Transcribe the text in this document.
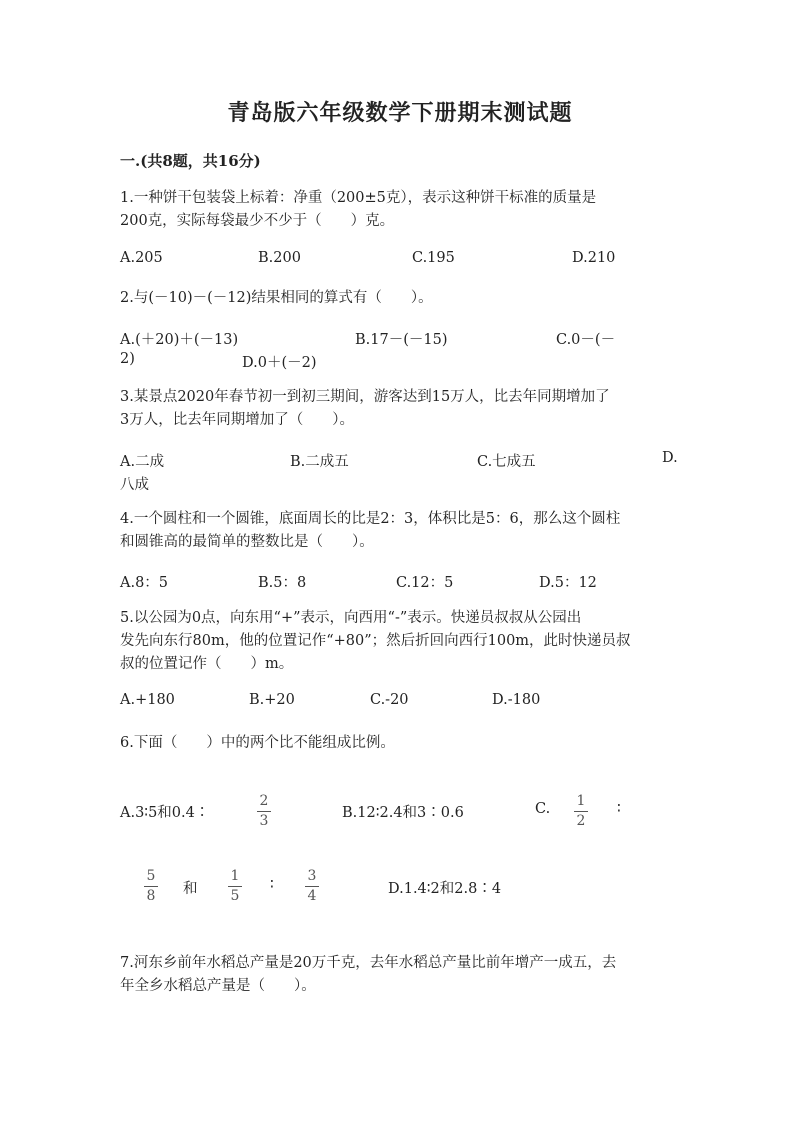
青岛版六年级数学下册期末测试题
一.(共8题，共16分)
1.一种饼干包装袋上标着：净重（200±5克），表示这种饼干标准的质量是
200克，实际每袋最少不少于（　　）克。
A.205	B.200	C.195	D.210
2.与(－10)－(－12)结果相同的算式有（　　）。
A.(＋20)＋(－13)	B.17－(－15)	C.0－(－
2)	D.0＋(－2)
3.某景点2020年春节初一到初三期间，游客达到15万人，比去年同期增加了
3万人，比去年同期增加了（　　）。
A.二成	B.二成五	C.七成五	D.
八成
4.一个圆柱和一个圆锥，底面周长的比是2：3，体积比是5：6，那么这个圆柱
和圆锥高的最简单的整数比是（　　）。
A.8：5	B.5：8	C.12：5	D.5：12
5.以公园为0点，向东用“+”表示，向西用“-”表示。快递员叔叔从公园出
发先向东行80m，他的位置记作“+80”；然后折回向西行100m，此时快递员叔
叔的位置记作（　　）m。
A.+180	B.+20	C.-20	D.-180
6.下面（　　）中的两个比不能组成比例。
A.3∶5和0.4∶
2
3	B.12∶2.4和3∶0.6	C. 1
2
∶
5
8 和
1
5
∶
3
4	D.1.4∶2和2.8∶4
7.河东乡前年水稻总产量是20万千克，去年水稻总产量比前年增产一成五，去
年全乡水稻总产量是（　　）。
